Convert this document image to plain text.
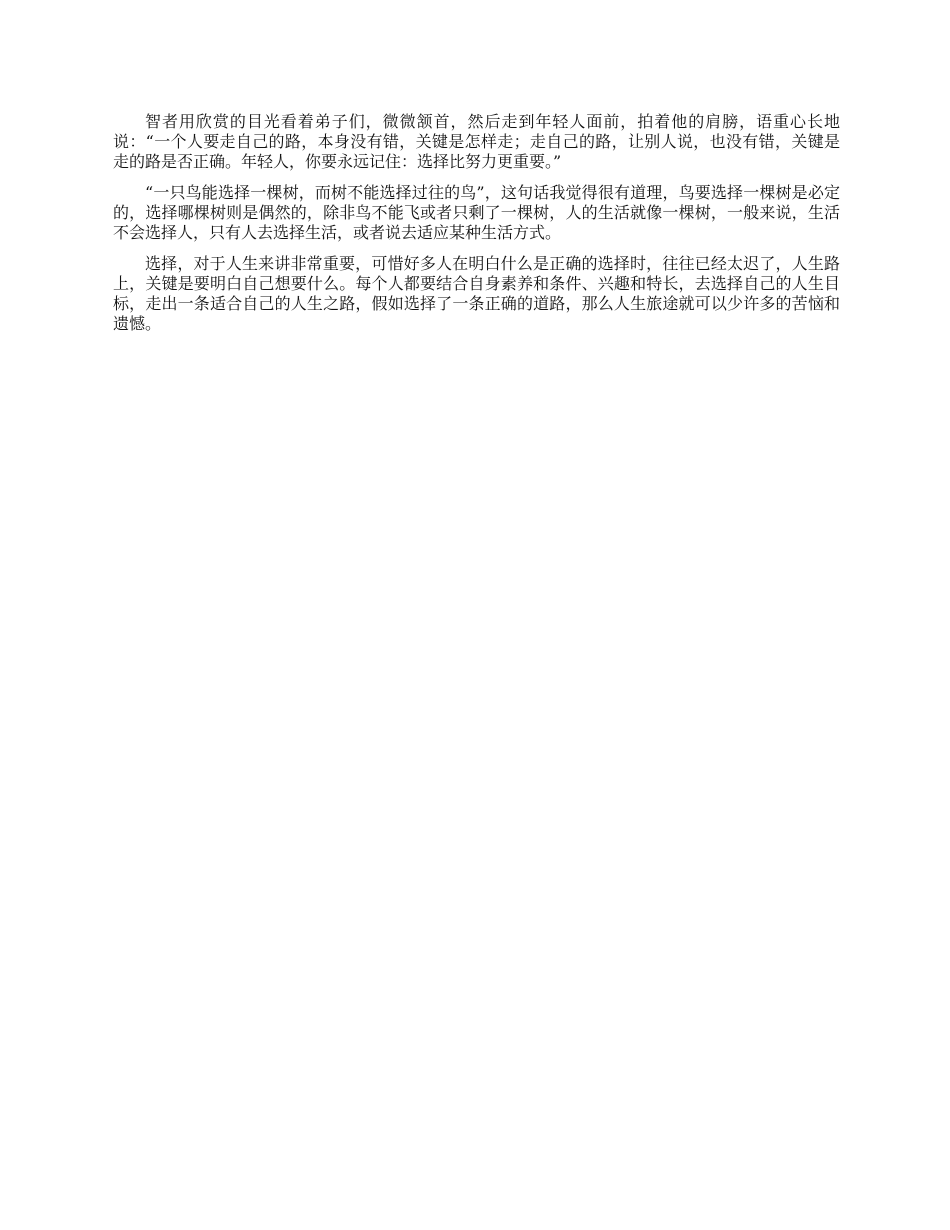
智者用欣赏的目光看着弟子们，微微颔首，然后走到年轻人面前，拍着他的肩膀，语重心长地说：“一个人要走自己的路，本身没有错，关键是怎样走；走自己的路，让别人说，也没有错，关键是走的路是否正确。年轻人，你要永远记住：选择比努力更重要。”

“一只鸟能选择一棵树，而树不能选择过往的鸟”，这句话我觉得很有道理，鸟要选择一棵树是必定的，选择哪棵树则是偶然的，除非鸟不能飞或者只剩了一棵树，人的生活就像一棵树，一般来说，生活不会选择人，只有人去选择生活，或者说去适应某种生活方式。

选择，对于人生来讲非常重要，可惜好多人在明白什么是正确的选择时，往往已经太迟了，人生路上，关键是要明白自己想要什么。每个人都要结合自身素养和条件、兴趣和特长，去选择自己的人生目标，走出一条适合自己的人生之路，假如选择了一条正确的道路，那么人生旅途就可以少许多的苦恼和遗憾。
